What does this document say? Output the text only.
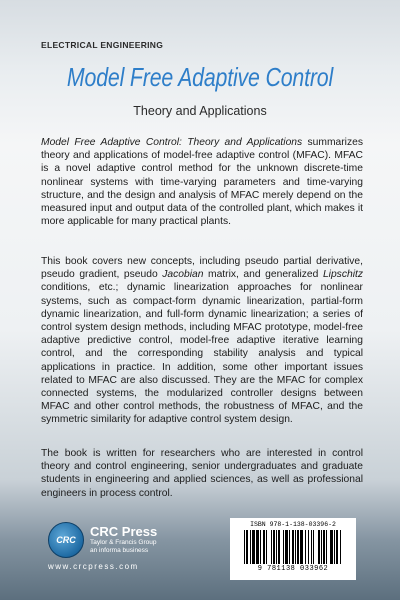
ELECTRICAL ENGINEERING
Model Free Adaptive Control
Theory and Applications

Model Free Adaptive Control: Theory and Applications summarizes theory and applications of model-free adaptive control (MFAC). MFAC is a novel adaptive control method for the unknown discrete-time nonlinear systems with time-varying parameters and time-varying structure, and the design and analysis of MFAC merely depend on the measured input and output data of the controlled plant, which makes it more applicable for many practical plants.

This book covers new concepts, including pseudo partial derivative, pseudo gradient, pseudo Jacobian matrix, and generalized Lipschitz conditions, etc.; dynamic linearization approaches for nonlinear systems, such as compact-form dynamic linearization, partial-form dynamic linearization, and full-form dynamic linearization; a series of control system design methods, including MFAC prototype, model-free adaptive predictive control, model-free adaptive iterative learning control, and the corresponding stability analysis and typical applications in practice. In addition, some other important issues related to MFAC are also discussed. They are the MFAC for complex connected systems, the modularized controller designs between MFAC and other control methods, the robustness of MFAC, and the symmetric similarity for adaptive control system design.

The book is written for researchers who are interested in control theory and control engineering, senior undergraduates and graduate students in engineering and applied sciences, as well as professional engineers in process control.

CRC
CRC Press
Taylor & Francis Group
an informa business
www.crcpress.com
ISBN 978-1-138-03396-2
9 781138 033962
